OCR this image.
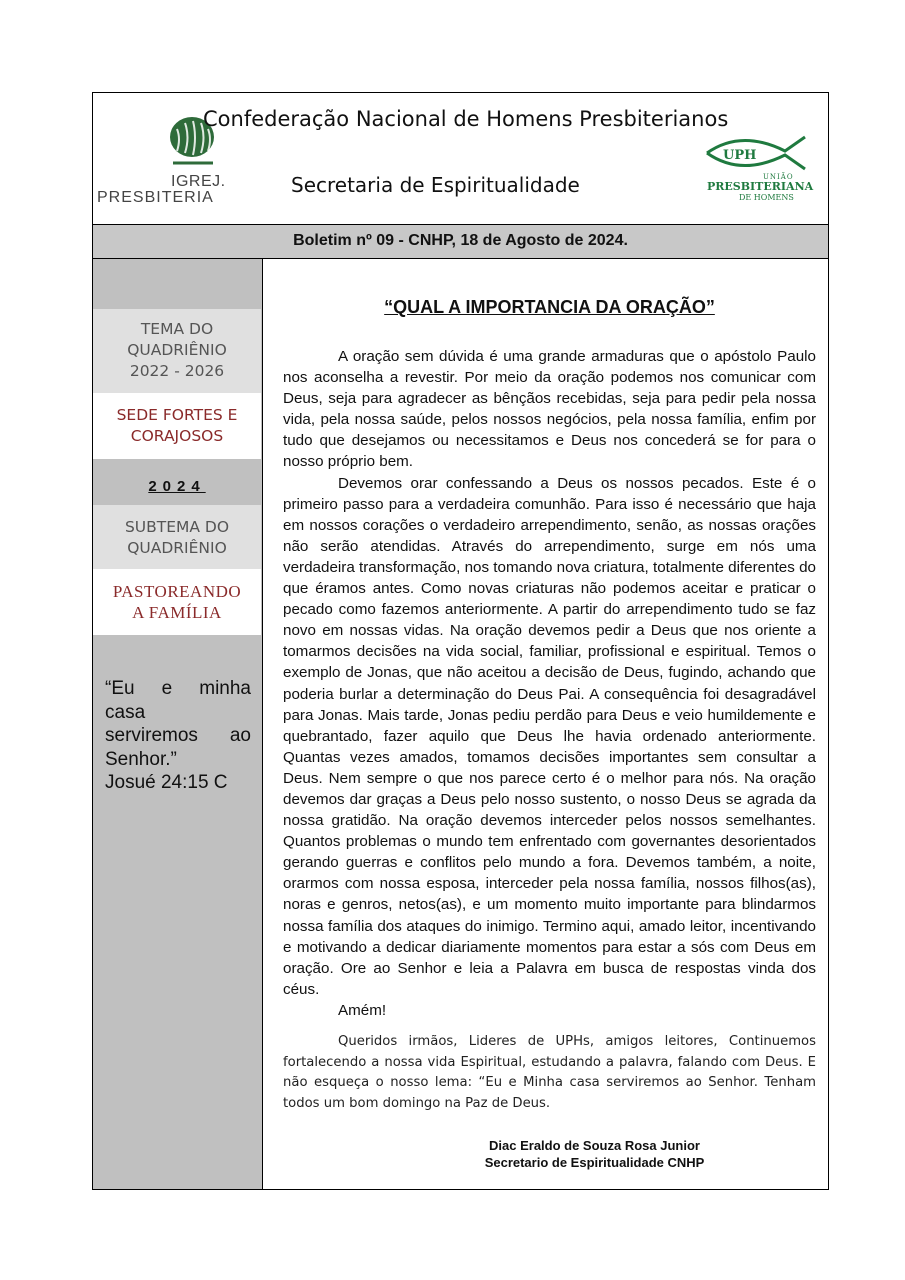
IGREJ.
PRESBITERIA
Confederação Nacional de Homens Presbiterianos
Secretaria de Espiritualidade
UPH
UNIÃO
PRESBITERIANA
DE HOMENS
Boletim nº 09 - CNHP, 18 de Agosto de 2024.
TEMA DO
QUADRIÊNIO
2022 - 2026
SEDE FORTES E
CORAJOSOS
2024
SUBTEMA DO
QUADRIÊNIO
PASTOREANDO
A FAMÍLIA
“Eu e minha casa
serviremos ao
Senhor.”
Josué 24:15 C
“QUAL A IMPORTANCIA DA ORAÇÃO”

A oração sem dúvida é uma grande armaduras que o apóstolo Paulo nos aconselha a revestir. Por meio da oração podemos nos comunicar com Deus, seja para agradecer as bênçãos recebidas, seja para pedir pela nossa vida, pela nossa saúde, pelos nossos negócios, pela nossa família, enfim por tudo que desejamos ou necessitamos e Deus nos concederá se for para o nosso próprio bem.

Devemos orar confessando a Deus os nossos pecados. Este é o primeiro passo para a verdadeira comunhão. Para isso é necessário que haja em nossos corações o verdadeiro arrependimento, senão, as nossas orações não serão atendidas. Através do arrependimento, surge em nós uma verdadeira transformação, nos tomando nova criatura, totalmente diferentes do que éramos antes. Como novas criaturas não podemos aceitar e praticar o pecado como fazemos anteriormente. A partir do arrependimento tudo se faz novo em nossas vidas. Na oração devemos pedir a Deus que nos oriente a tomarmos decisões na vida social, familiar, profissional e espiritual. Temos o exemplo de Jonas, que não aceitou a decisão de Deus, fugindo, achando que poderia burlar a determinação do Deus Pai. A consequência foi desagradável para Jonas. Mais tarde, Jonas pediu perdão para Deus e veio humildemente e quebrantado, fazer aquilo que Deus lhe havia ordenado anteriormente. Quantas vezes amados, tomamos decisões importantes sem consultar a Deus. Nem sempre o que nos parece certo é o melhor para nós. Na oração devemos dar graças a Deus pelo nosso sustento, o nosso Deus se agrada da nossa gratidão. Na oração devemos interceder pelos nossos semelhantes. Quantos problemas o mundo tem enfrentado com governantes desorientados gerando guerras e conflitos pelo mundo a fora. Devemos também, a noite, orarmos com nossa esposa, interceder pela nossa família, nossos filhos(as), noras e genros, netos(as), e um momento muito importante para blindarmos nossa família dos ataques do inimigo. Termino aqui, amado leitor, incentivando e motivando a dedicar diariamente momentos para estar a sós com Deus em oração. Ore ao Senhor e leia a Palavra em busca de respostas vinda dos céus.

Amém!

Queridos irmãos, Lideres de UPHs, amigos leitores, Continuemos fortalecendo a nossa vida Espiritual, estudando a palavra, falando com Deus. E não esqueça o nosso lema: “Eu e Minha casa serviremos ao Senhor. Tenham todos um bom domingo na Paz de Deus.

Diac Eraldo de Souza Rosa Junior
Secretario de Espiritualidade CNHP
